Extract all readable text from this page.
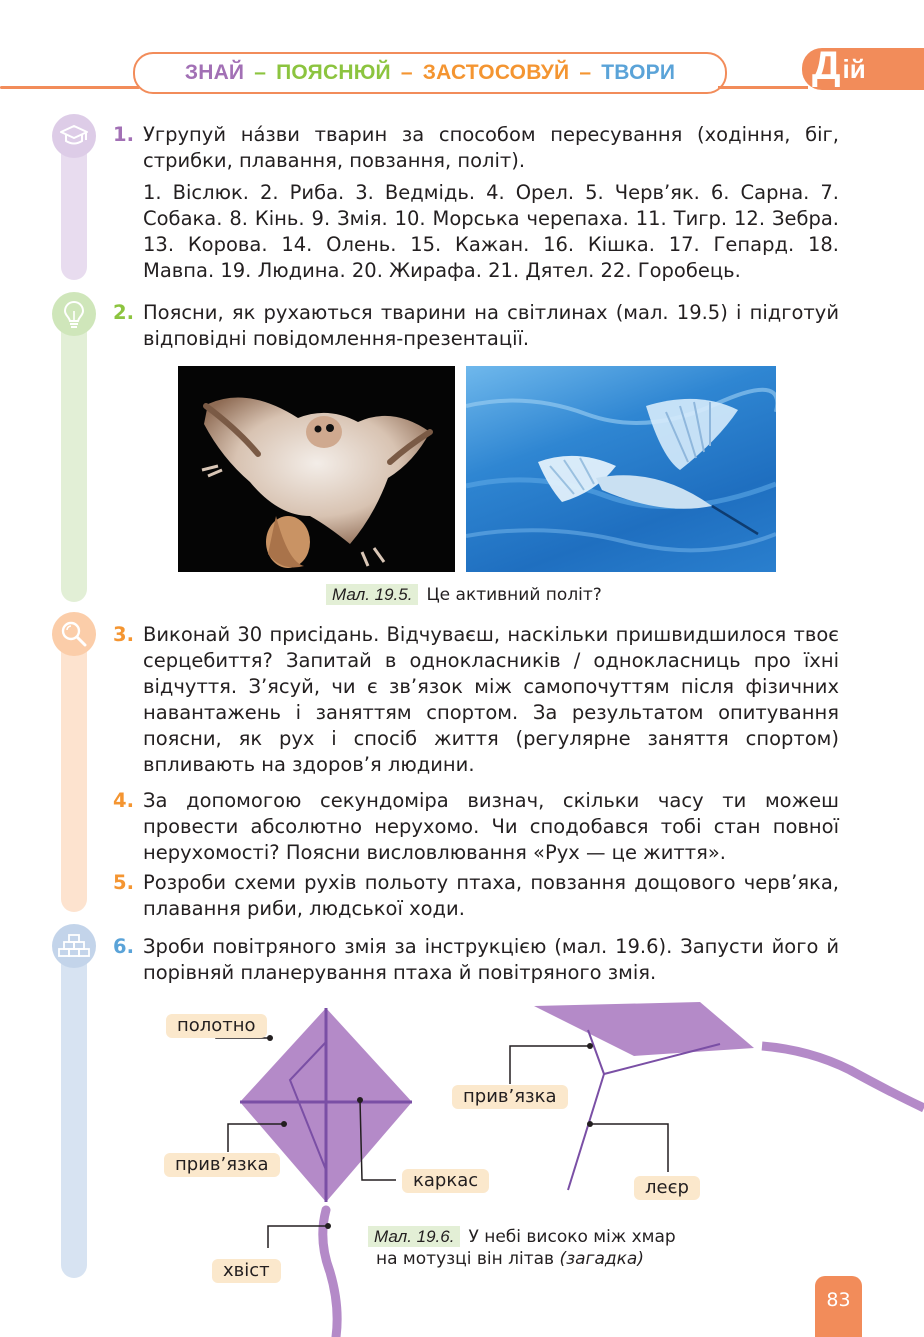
ЗНАЙ – ПОЯСНЮЙ – ЗАСТОСОВУЙ – ТВОРИ	Д ій
1. Угрупуй на́зви тварин за способом пересування (ходіння, біг, стрибки, плавання, повзання, політ).

1. Віслюк. 2. Риба. 3. Ведмідь. 4. Орел. 5. Черв’як. 6. Сарна. 7. Собака. 8. Кінь. 9. Змія. 10. Морська черепаха. 11. Тигр. 12. Зебра. 13. Корова. 14. Олень. 15. Кажан. 16. Кішка. 17. Гепард. 18. Мавпа. 19. Людина. 20. Жирафа. 21. Дятел. 22. Горобець.

2. Поясни, як рухаються тварини на світлинах (мал. 19.5) і підготуй відповідні повідомлення-презентації.

Мал. 19.5. Це активний політ?
3. Виконай 30 присідань. Відчуваєш, наскільки пришвидшилося твоє серцебиття? Запитай в однокласників / однокласниць про їхні відчуття. З’ясуй, чи є зв’язок між самопочуттям після фізичних навантажень і заняттям спортом. За результатом опитування поясни, як рух і спосіб життя (регулярне заняття спортом) впливають на здоров’я людини.

4. За допомогою секундоміра визнач, скільки часу ти можеш провести абсолютно нерухомо. Чи сподобався тобі стан повної нерухомості? Поясни висловлювання «Рух — це життя».

5. Розроби схеми рухів польоту птаха, повзання дощового черв’яка, плавання риби, людської ходи.

6. Зроби повітряного змія за інструкцією (мал. 19.6). Запусти його й порівняй планерування птаха й повітряного змія.

полотно
прив’язка
каркас
хвіст
прив’язка
леєр
Мал. 19.6. У небі високо між хмар
на мотузці він літав (загадка)
83
